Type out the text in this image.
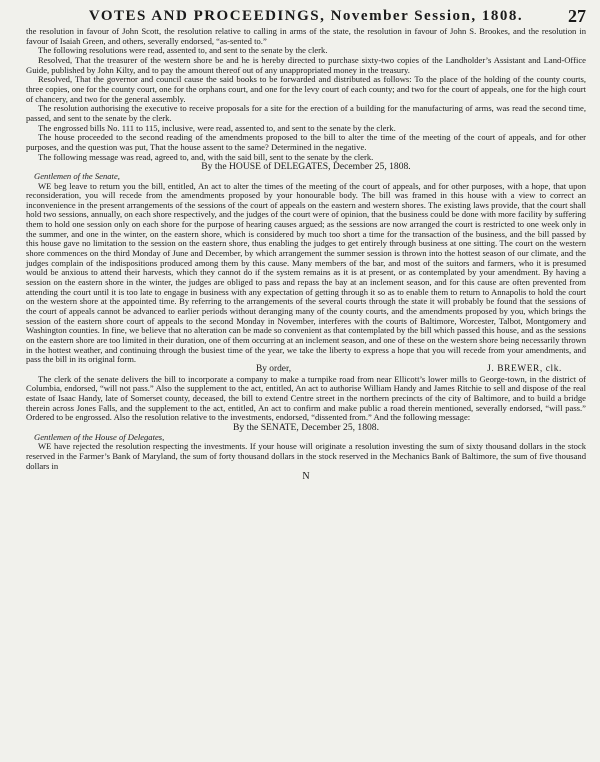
VOTES AND PROCEEDINGS, November Session, 1808. 27

the resolution in favour of John Scott, the resolution relative to calling in arms of the state, the resolution in favour of John S. Brookes, and the resolution in favour of Isaiah Green, and others, severally endorsed, “as-sented to.”

The following resolutions were read, assented to, and sent to the senate by the clerk.

Resolved, That the treasurer of the western shore be and he is hereby directed to purchase sixty-two copies of the Landholder’s Assistant and Land-Office Guide, published by John Kilty, and to pay the amount thereof out of any unappropriated money in the treasury.

Resolved, That the governor and council cause the said books to be forwarded and distributed as follows: To the place of the holding of the county courts, three copies, one for the county court, one for the orphans court, and one for the levy court of each county; and two for the court of appeals, one for the high court of chancery, and two for the general assembly.

The resolution authorising the executive to receive proposals for a site for the erection of a building for the manufacturing of arms, was read the second time, passed, and sent to the senate by the clerk.

The engrossed bills No. 111 to 115, inclusive, were read, assented to, and sent to the senate by the clerk.

The house proceeded to the second reading of the amendments proposed to the bill to alter the time of the meeting of the court of appeals, and for other purposes, and the question was put, That the house assent to the same? Determined in the negative.

The following message was read, agreed to, and, with the said bill, sent to the senate by the clerk.

By the HOUSE of DELEGATES, December 25, 1808.

Gentlemen of the Senate,

WE beg leave to return you the bill, entitled, An act to alter the times of the meeting of the court of appeals, and for other purposes, with a hope, that upon reconsideration, you will recede from the amendments proposed by your honourable body. The bill was framed in this house with a view to correct an inconvenience in the present arrangements of the sessions of the court of appeals on the eastern and western shores. The existing laws provide, that the court shall hold two sessions, annually, on each shore respectively, and the judges of the court were of opinion, that the business could be done with more facility by suffering them to hold one session only on each shore for the purpose of hearing causes argued; as the sessions are now arranged the court is restricted to one week only in the summer, and one in the winter, on the eastern shore, which is considered by much too short a time for the transaction of the business, and the bill passed by this house gave no limitation to the session on the eastern shore, thus enabling the judges to get entirely through business at one sitting. The court on the western shore commences on the third Monday of June and December, by which arrangement the summer session is thrown into the hottest season of our climate, and the judges complain of the indispositions produced among them by this cause. Many members of the bar, and most of the suitors and farmers, who it is presumed would be anxious to attend their harvests, which they cannot do if the system remains as it is at present, or as contemplated by your amendment. By having a session on the eastern shore in the winter, the judges are obliged to pass and repass the bay at an inclement season, and for this cause are often prevented from attending the court until it is too late to engage in business with any expectation of getting through it so as to enable them to return to Annapolis to hold the court on the western shore at the appointed time. By referring to the arrangements of the several courts through the state it will probably be found that the sessions of the court of appeals cannot be advanced to earlier periods without deranging many of the county courts, and the amendments proposed by you, which brings the session of the eastern shore court of appeals to the second Monday in November, interferes with the courts of Baltimore, Worcester, Talbot, Montgomery and Washington counties. In fine, we believe that no alteration can be made so convenient as that contemplated by the bill which passed this house, and as the sessions on the eastern shore are too limited in their duration, one of them occurring at an inclement season, and one of these on the western shore being necessarily thrown in the hottest weather, and continuing through the busiest time of the year, we take the liberty to express a hope that you will recede from your amendments, and pass the bill in its original form.

By order,	J. BREWER, clk.

The clerk of the senate delivers the bill to incorporate a company to make a turnpike road from near Ellicott’s lower mills to George-town, in the district of Columbia, endorsed, “will not pass.” Also the supplement to the act, entitled, An act to authorise William Handy and James Ritchie to sell and dispose of the real estate of Isaac Handy, late of Somerset county, deceased, the bill to extend Centre street in the northern precincts of the city of Baltimore, and to build a bridge therein across Jones Falls, and the supplement to the act, entitled, An act to confirm and make public a road therein mentioned, severally endorsed, “will pass.” Ordered to be engrossed. Also the resolution relative to the investments, endorsed, “dissented from.” And the following message:

By the SENATE, December 25, 1808.

Gentlemen of the House of Delegates,

WE have rejected the resolution respecting the investments. If your house will originate a resolution investing the sum of sixty thousand dollars in the stock reserved in the Farmer’s Bank of Maryland, the sum of forty thousand dollars in the stock reserved in the Mechanics Bank of Baltimore, the sum of five thousand dollars in

N
